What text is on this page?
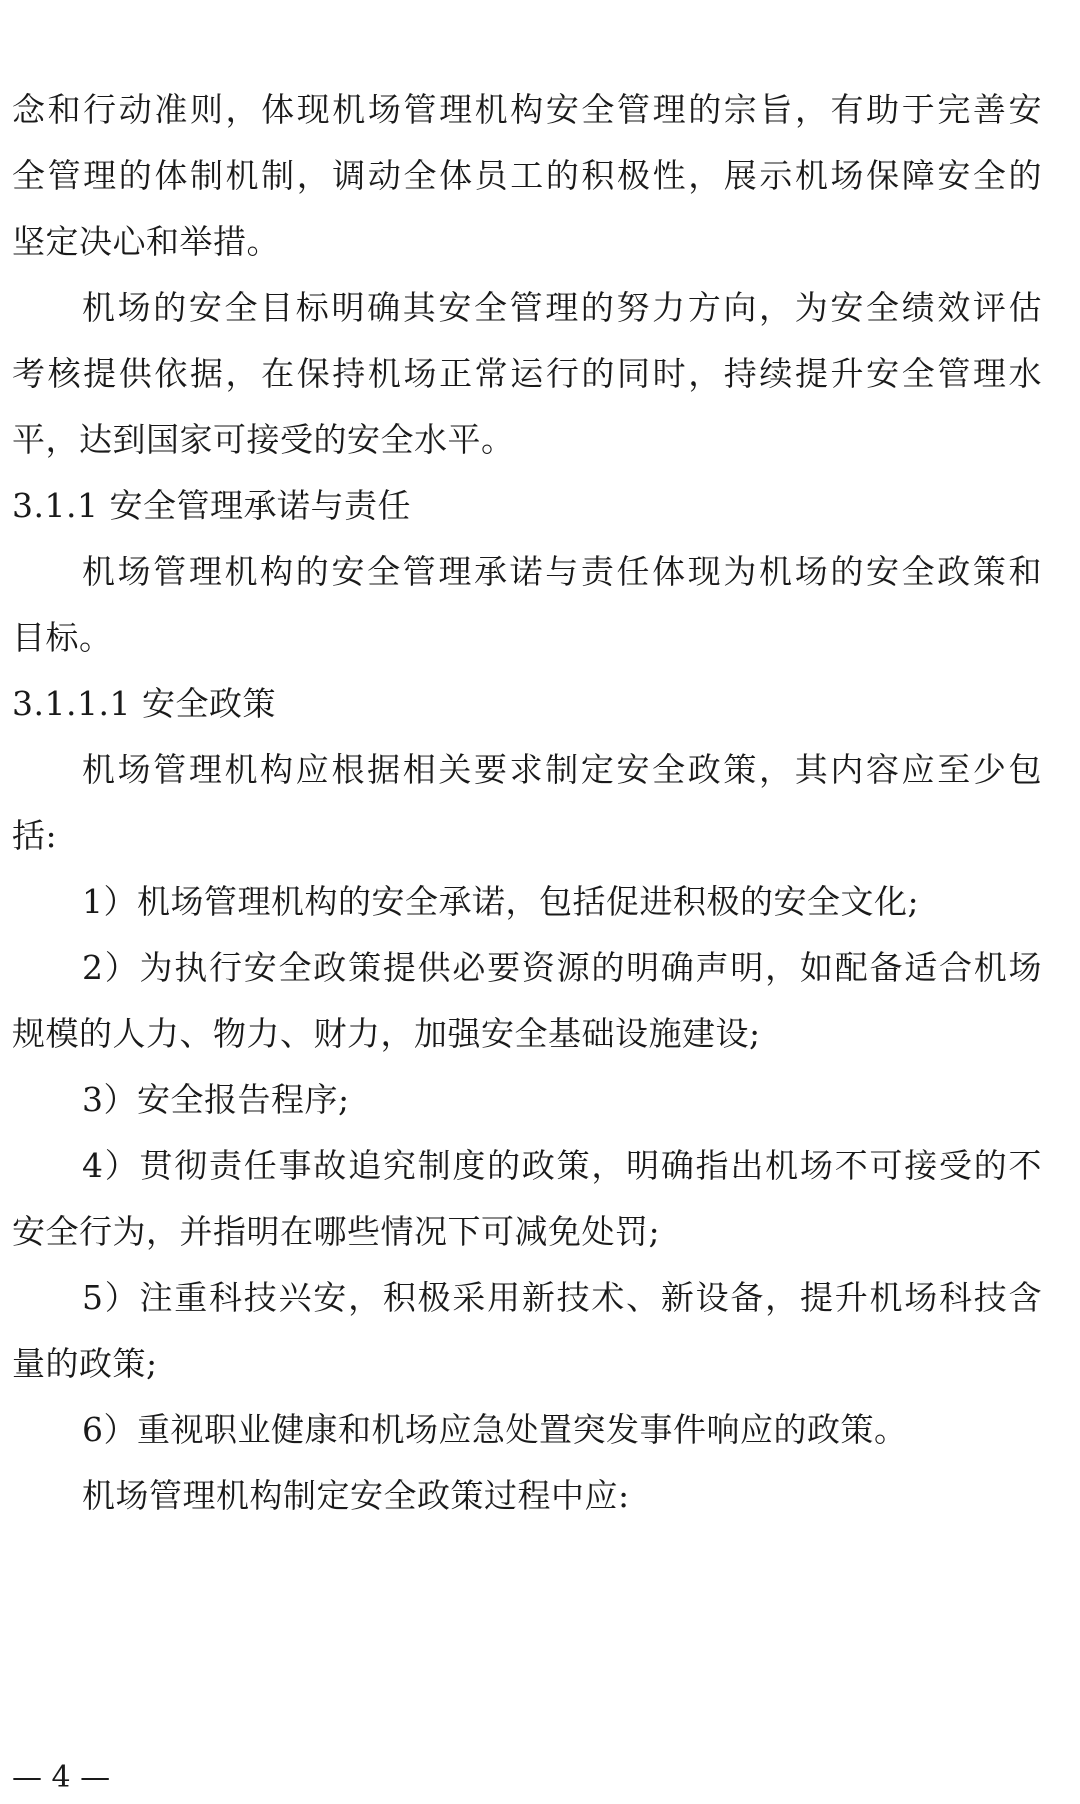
念和行动准则，体现机场管理机构安全管理的宗旨，有助于完善安
全管理的体制机制，调动全体员工的积极性，展示机场保障安全的
坚定决心和举措。
机场的安全目标明确其安全管理的努力方向，为安全绩效评估
考核提供依据，在保持机场正常运行的同时，持续提升安全管理水
平，达到国家可接受的安全水平。
3.1.1 安全管理承诺与责任
机场管理机构的安全管理承诺与责任体现为机场的安全政策和
目标。
3.1.1.1 安全政策
机场管理机构应根据相关要求制定安全政策，其内容应至少包
括:
1）机场管理机构的安全承诺，包括促进积极的安全文化;
2）为执行安全政策提供必要资源的明确声明，如配备适合机场
规模的人力、物力、财力，加强安全基础设施建设;
3）安全报告程序;
4）贯彻责任事故追究制度的政策，明确指出机场不可接受的不
安全行为，并指明在哪些情况下可减免处罚;
5）注重科技兴安，积极采用新技术、新设备，提升机场科技含
量的政策;
6）重视职业健康和机场应急处置突发事件响应的政策。
机场管理机构制定安全政策过程中应:
— 4 —
